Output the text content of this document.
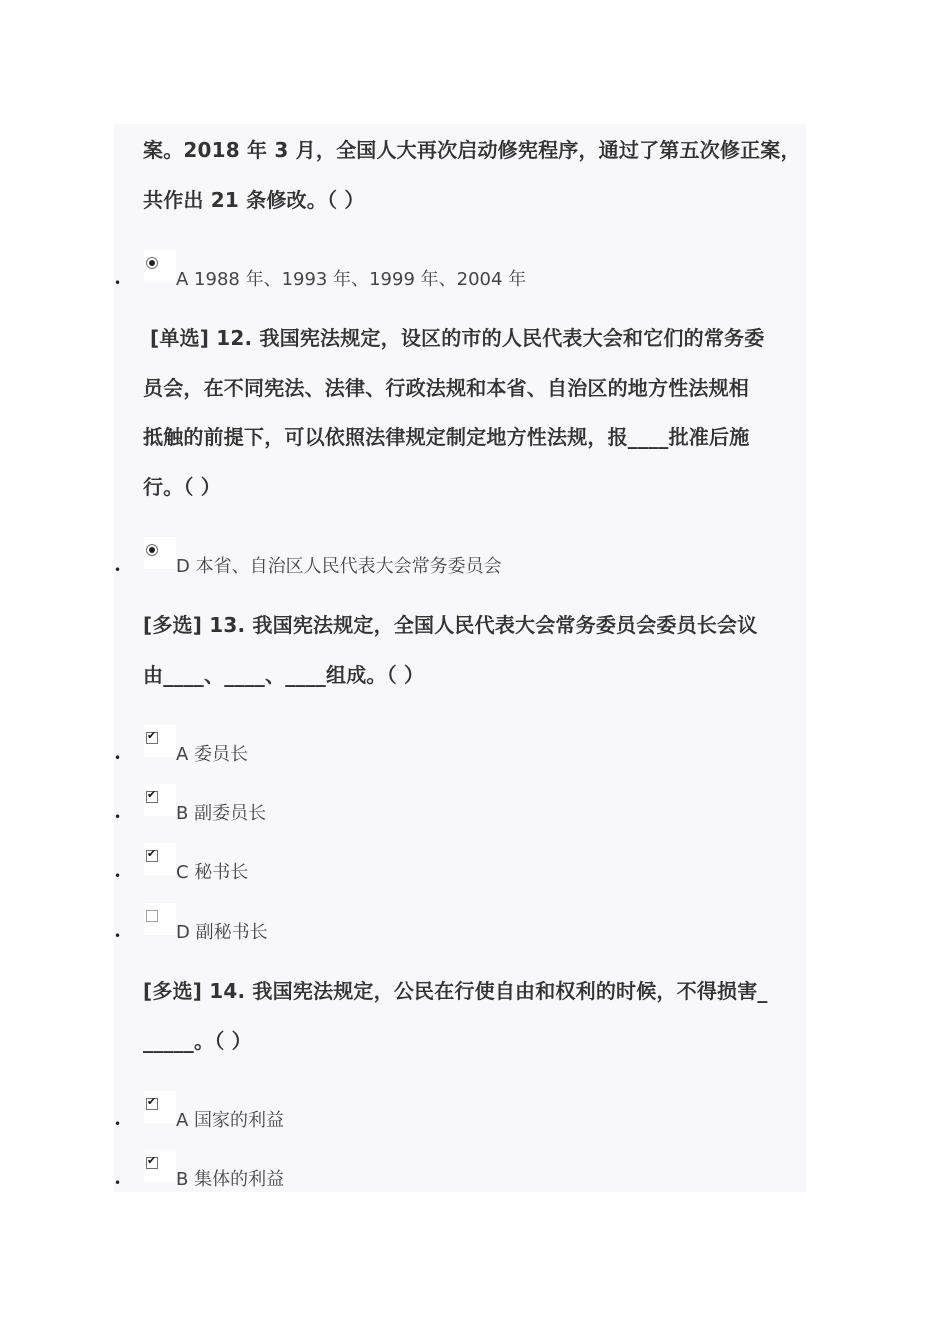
案。2018 年 3 月，全国人大再次启动修宪程序，通过了第五次修正案，
共作出 21 条修改。（ ）
•	A 1988 年、1993 年、1999 年、2004 年
[单选] 12. 我国宪法规定，设区的市的人民代表大会和它们的常务委
员会，在不同宪法、法律、行政法规和本省、自治区的地方性法规相
抵触的前提下，可以依照法律规定制定地方性法规，报____批准后施
行。（ ）
•	D 本省、自治区人民代表大会常务委员会
[多选] 13. 我国宪法规定，全国人民代表大会常务委员会委员长会议
由____、____、____组成。（ ）
•
✔	A 委员长
•
✔	B 副委员长
•
✔	C 秘书长
•	D 副秘书长
[多选] 14. 我国宪法规定，公民在行使自由和权利的时候，不得损害_
_____。（ ）
•
✔	A 国家的利益
•
✔	B 集体的利益
